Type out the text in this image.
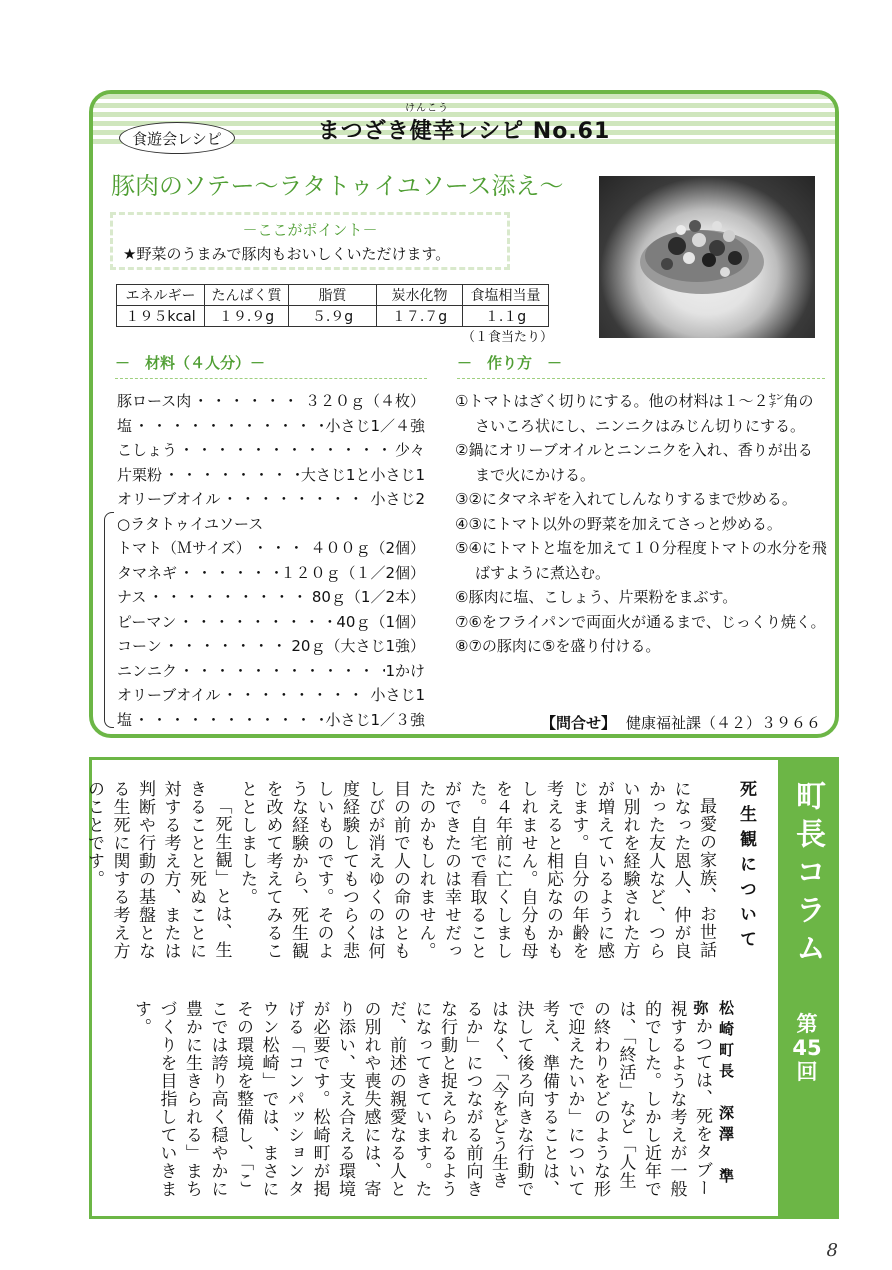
食遊会レシピ
けんこう
まつざき健幸レシピ No.61
豚肉のソテー～ラタトゥイユソース添え～
－ここがポイント－
★野菜のうまみで豚肉もおいしくいただけます。
エネルギー	たんぱく質	脂質	炭水化物	食塩相当量
１９５kcal	１９.９g	５.９g	１７.７g	１.１g
（１食当たり）
－　材料（４人分）－	－　作り方　－
豚ロース肉 ・・・・・・・・・・・・・・・・・・・・・・・・・・・・・・・・・・	３２０ｇ（４枚）
塩 ・・・・・・・・・・・・・・・・・・・・・・・・・・・・・・・・・・	小さじ1／４強
こしょう ・・・・・・・・・・・・・・・・・・・・・・・・・・・・・・・・・・	少々
片栗粉 ・・・・・・・・・・・・・・・・・・・・・・・・・・・・・・・・・・	大さじ1と小さじ1
オリーブオイル ・・・・・・・・・・・・・・・・・・・・・・・・・・・・・・・・・・	小さじ2
○ラタトゥイユソース
トマト（Ｍサイズ） ・・・・・・・・・・・・・・・・・・・・・・・・・・・・・・・・・・	４００ｇ（2個）
タマネギ ・・・・・・・・・・・・・・・・・・・・・・・・・・・・・・・・・・	１２０ｇ（１／2個）
ナス ・・・・・・・・・・・・・・・・・・・・・・・・・・・・・・・・・・	80ｇ（1／2本）
ピーマン ・・・・・・・・・・・・・・・・・・・・・・・・・・・・・・・・・・	40ｇ（1個）
コーン ・・・・・・・・・・・・・・・・・・・・・・・・・・・・・・・・・・	20ｇ（大さじ1強）
ニンニク ・・・・・・・・・・・・・・・・・・・・・・・・・・・・・・・・・・	1かけ
オリーブオイル ・・・・・・・・・・・・・・・・・・・・・・・・・・・・・・・・・・	小さじ1
塩 ・・・・・・・・・・・・・・・・・・・・・・・・・・・・・・・・・・	小さじ1／３強
①トマトはざく切りにする。他の材料は１～２㌢角のさいころ状にし、ニンニクはみじん切りにする。
②鍋にオリーブオイルとニンニクを入れ、香りが出るまで火にかける。
③②にタマネギを入れてしんなりするまで炒める。
④③にトマト以外の野菜を加えてさっと炒める。
⑤④にトマトと塩を加えて１０分程度トマトの水分を飛ばすように煮込む。
⑥豚肉に塩、こしょう、片栗粉をまぶす。
⑦⑥をフライパンで両面火が通るまで、じっくり焼く。
⑧⑦の豚肉に⑤を盛り付ける。
【問合せ】 健康福祉課（４２）３９６６
町長コラム
第
45
回
死生観について

最愛の家族、お世話になった恩人、仲が良かった友人など、つらい別れを経験された方が増えているように感じます。自分の年齢を考えると相応なのかもしれません。自分も母を４年前に亡くしました。自宅で看取ることができたのは幸せだったのかもしれません。目の前で人の命のともしびが消えゆくのは何度経験してもつらく悲しいものです。そのような経験から、死生観を改めて考えてみることとしました。

「死生観」とは、生きることと死ぬことに対する考え方、または判断や行動の基盤となる生死に関する考え方のことです。

松崎町長　深澤　準弥

かつては、死をタブー視するような考えが一般的でした。しかし近年では、「終活」など「人生の終わりをどのような形で迎えたいか」について考え、準備することは、決して後ろ向きな行動ではなく、「今をどう生きるか」につながる前向きな行動と捉えられるようになってきています。ただ、前述の親愛なる人との別れや喪失感には、寄り添い、支え合える環境が必要です。松崎町が掲げる「コンパッションタウン松崎」では、まさにその環境を整備し、「ここでは誇り高く穏やかに豊かに生きられる」まちづくりを目指していきます。

8
